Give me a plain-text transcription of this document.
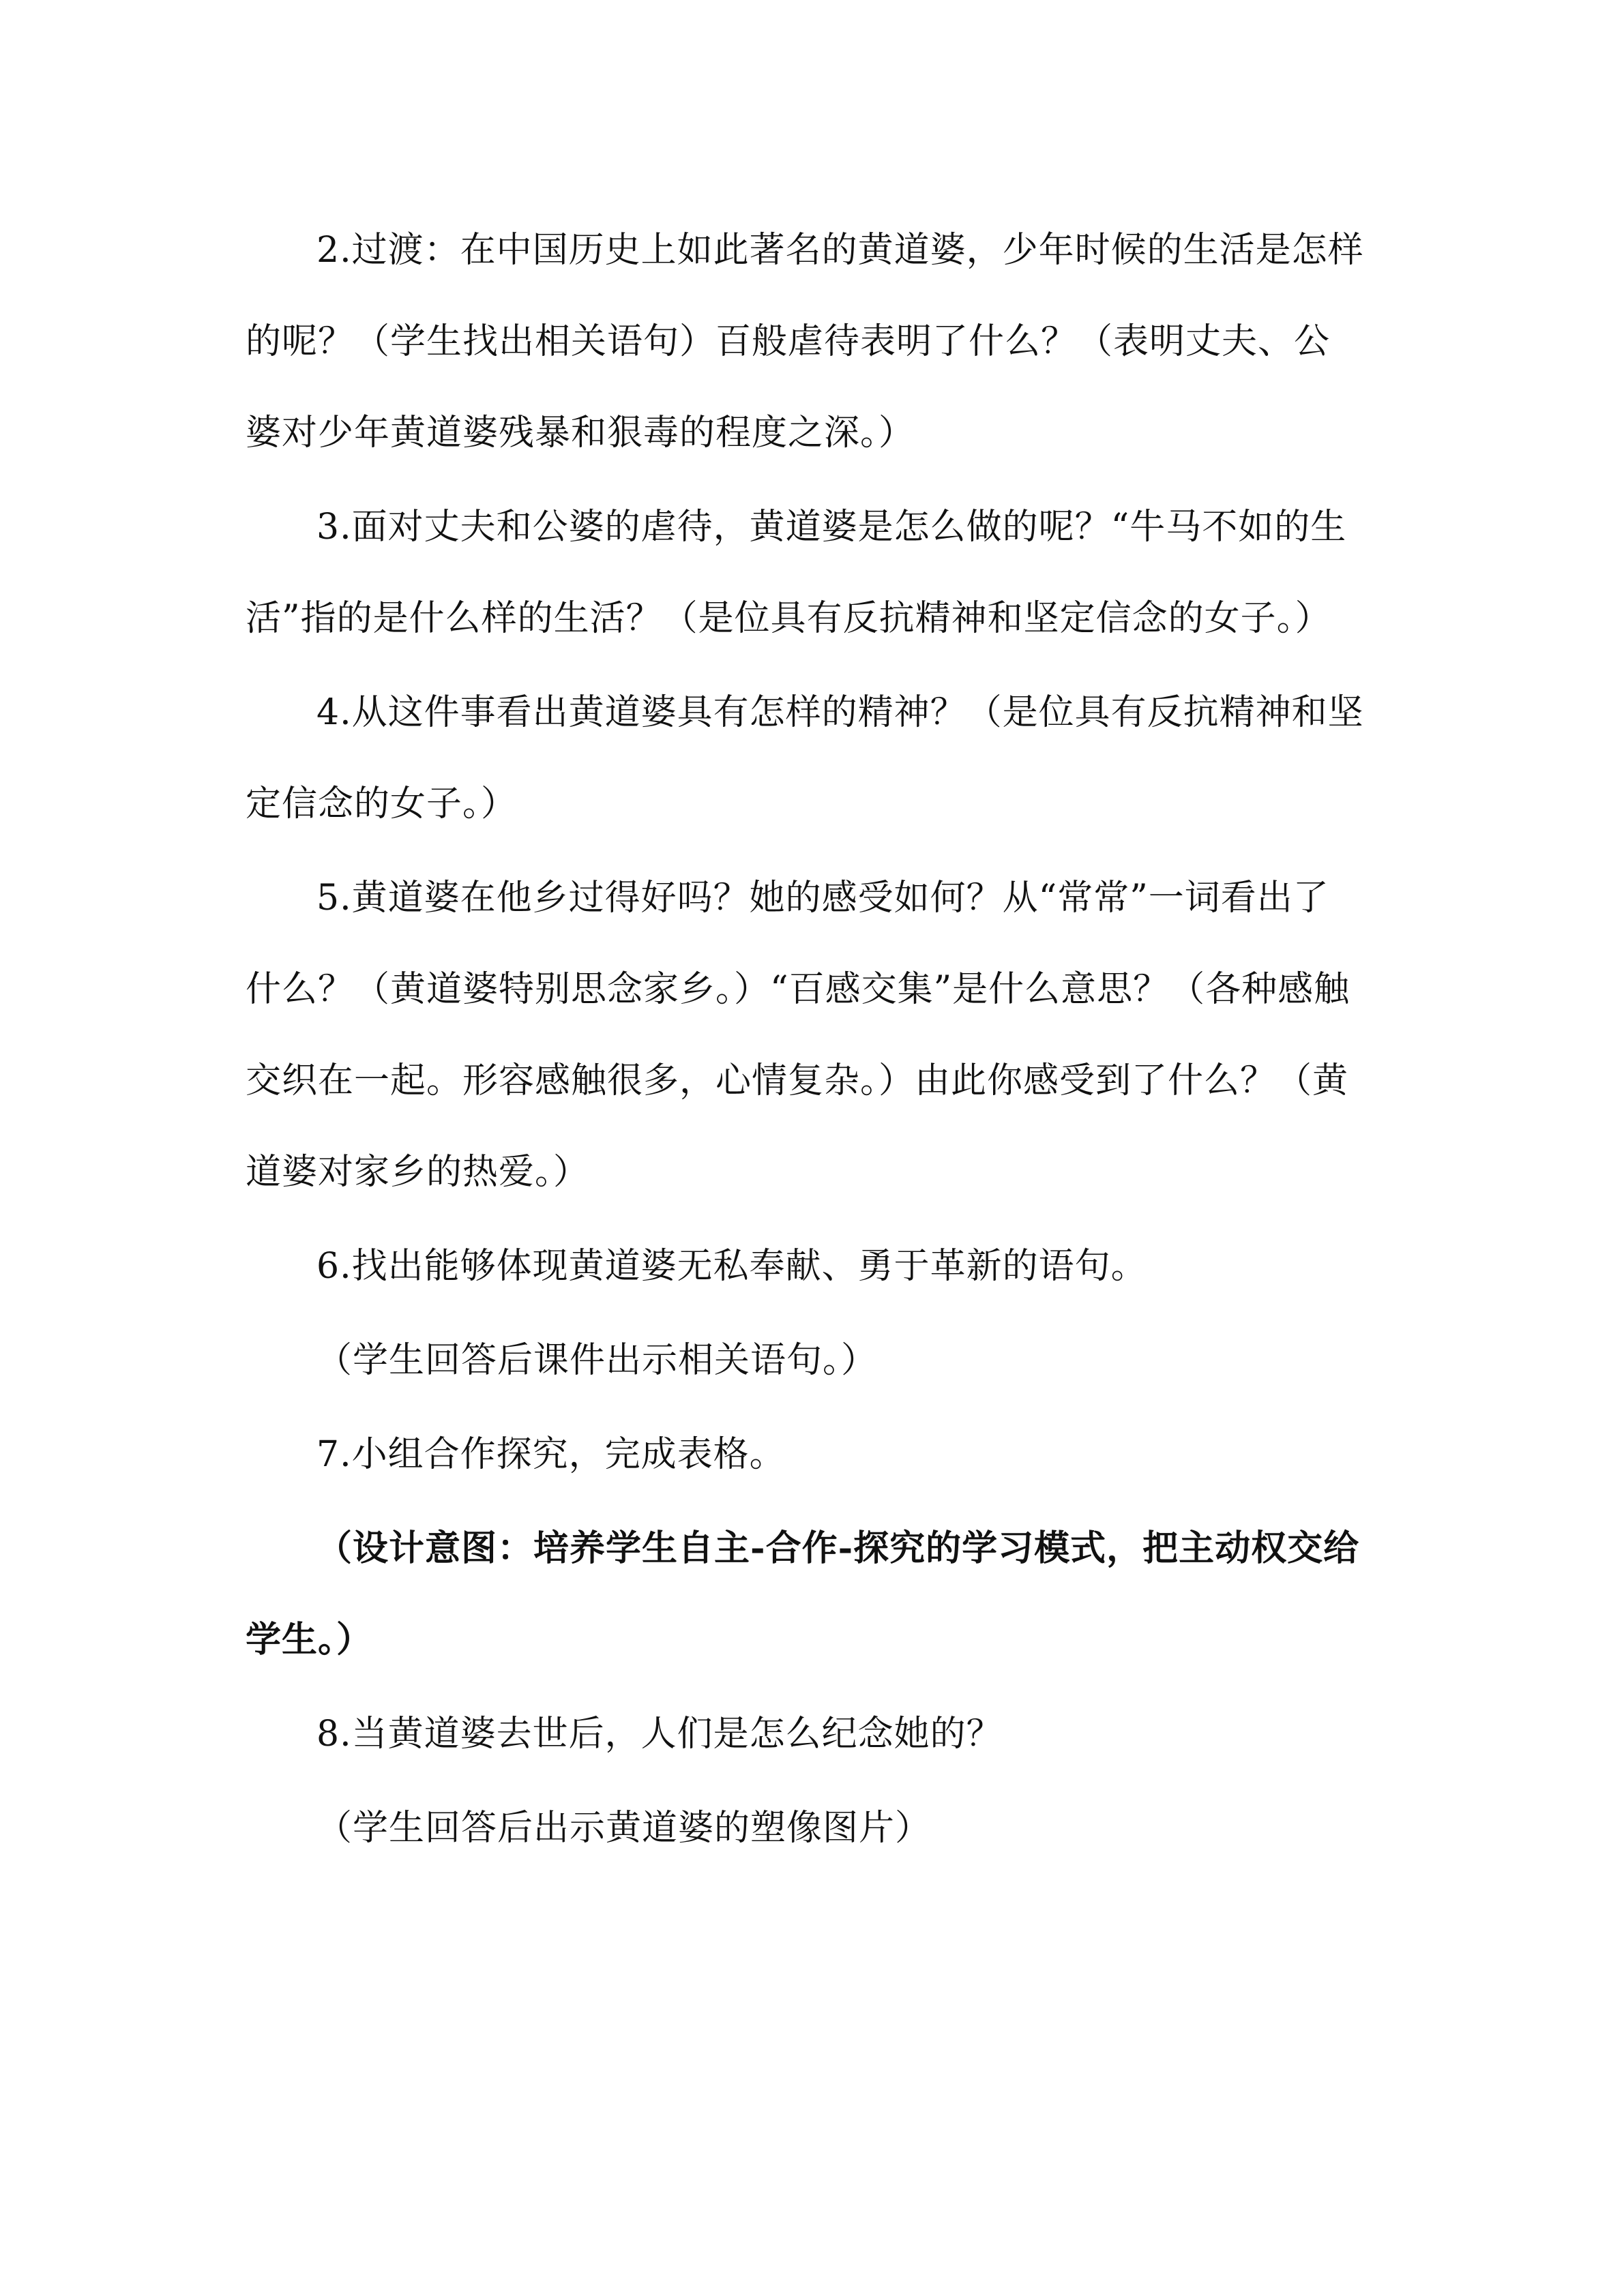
2.过渡：在中国历史上如此著名的黄道婆，少年时候的生活是怎样的呢？（学生找出相关语句）百般虐待表明了什么？（表明丈夫、公婆对少年黄道婆残暴和狠毒的程度之深。）

3.面对丈夫和公婆的虐待，黄道婆是怎么做的呢？“牛马不如的生活”指的是什么样的生活？（是位具有反抗精神和坚定信念的女子。）

4.从这件事看出黄道婆具有怎样的精神？（是位具有反抗精神和坚定信念的女子。）

5.黄道婆在他乡过得好吗？她的感受如何？从“常常”一词看出了什么？（黄道婆特别思念家乡。）“百感交集”是什么意思？（各种感触交织在一起。形容感触很多，心情复杂。）由此你感受到了什么？（黄道婆对家乡的热爱。）

6.找出能够体现黄道婆无私奉献、勇于革新的语句。

（学生回答后课件出示相关语句。）

7.小组合作探究，完成表格。

（设计意图：培养学生自主-合作-探究的学习模式，把主动权交给学生。）

8.当黄道婆去世后，人们是怎么纪念她的？

（学生回答后出示黄道婆的塑像图片）
